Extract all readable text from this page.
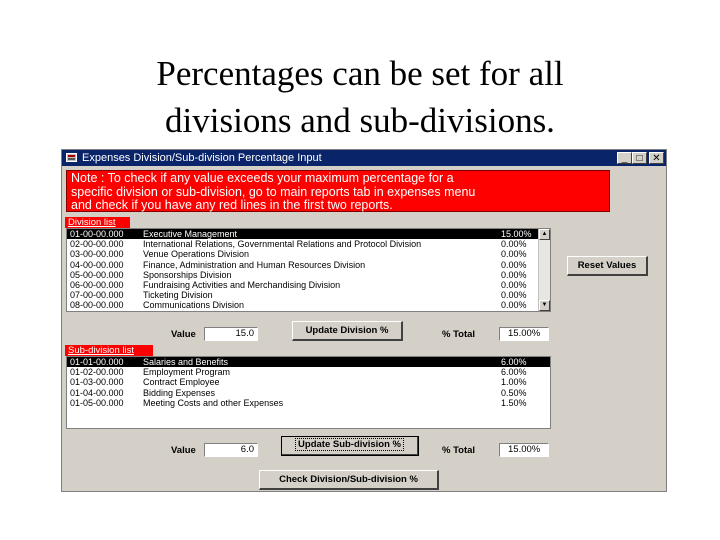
Percentages can be set for all
divisions and sub-divisions.
Expenses Division/Sub-division Percentage Input	_ □ ✕
Note : To check if any value exceeds your maximum percentage for a
specific division or sub-division, go to main reports tab in expenses menu
and check if you have any red lines in the first two reports.
Division list
01-00-00.000 Executive Management	15.00%
02-00-00.000 International Relations, Governmental Relations and Protocol Division	0.00%
03-00-00.000 Venue Operations Division	0.00%
04-00-00.000 Finance, Administration and Human Resources Division	0.00%
05-00-00.000 Sponsorships Division	0.00%
06-00-00.000 Fundraising Activities and Merchandising Division	0.00%
07-00-00.000 Ticketing Division	0.00%
08-00-00.000 Communications Division	0.00%
▲
▼
Reset Values
Value	15.0	Update Division %	% Total	15.00%
Sub-division list
01-01-00.000 Salaries and Benefits	6.00%
01-02-00.000 Employment Program	6.00%
01-03-00.000 Contract Employee	1.00%
01-04-00.000 Bidding Expenses	0.50%
01-05-00.000 Meeting Costs and other Expenses	1.50%
Value	6.0	Update Sub-division %
% Total	15.00%
Check Division/Sub-division %
